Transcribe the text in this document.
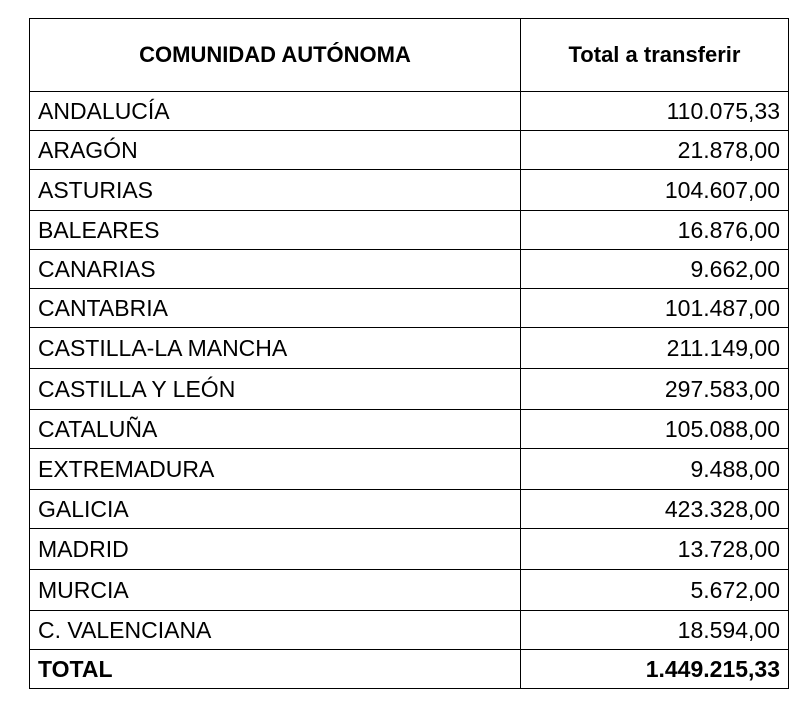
COMUNIDAD AUTÓNOMA	Total a transferir
ANDALUCÍA	110.075,33
ARAGÓN	21.878,00
ASTURIAS	104.607,00
BALEARES	16.876,00
CANARIAS	9.662,00
CANTABRIA	101.487,00
CASTILLA-LA MANCHA	211.149,00
CASTILLA Y LEÓN	297.583,00
CATALUÑA	105.088,00
EXTREMADURA	9.488,00
GALICIA	423.328,00
MADRID	13.728,00
MURCIA	5.672,00
C. VALENCIANA	18.594,00
TOTAL	1.449.215,33
